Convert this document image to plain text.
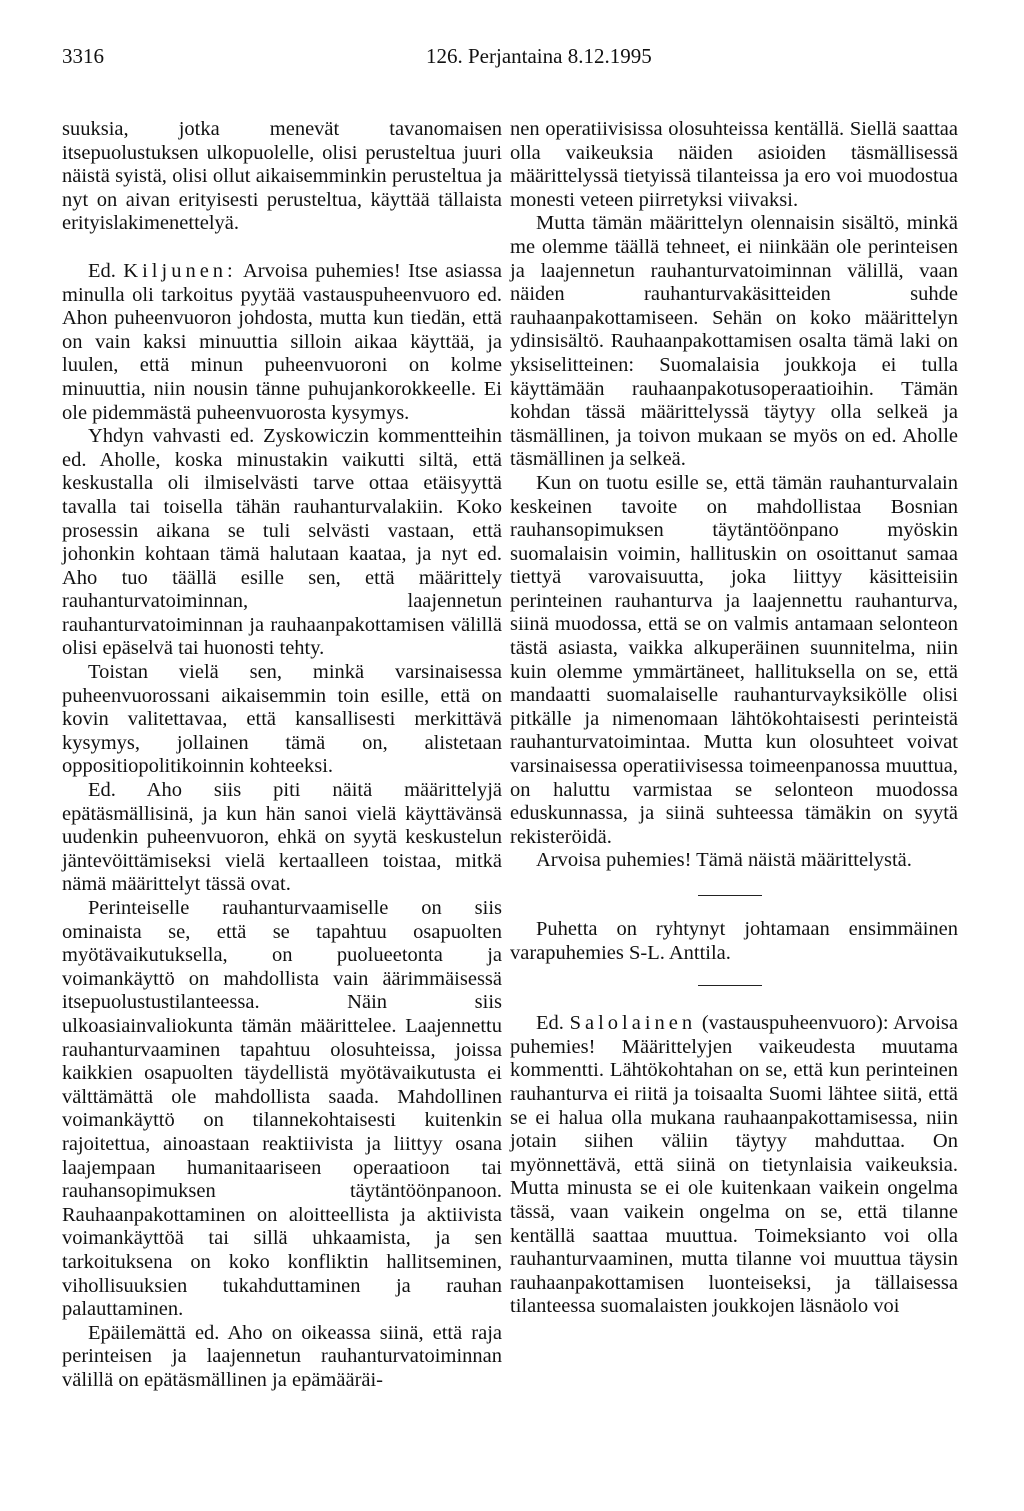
3316	126. Perjantaina 8.12.1995

suuksia, jotka menevät tavanomaisen itsepuolustuksen ulkopuolelle, olisi perusteltua juuri näistä syistä, olisi ollut aikaisemminkin perusteltua ja nyt on aivan erityisesti perusteltua, käyttää tällaista erityislakimenettelyä.

Ed. Kiljunen: Arvoisa puhemies! Itse asiassa minulla oli tarkoitus pyytää vastauspuheenvuoro ed. Ahon puheenvuoron johdosta, mutta kun tiedän, että on vain kaksi minuuttia silloin aikaa käyttää, ja luulen, että minun puheenvuoroni on kolme minuuttia, niin nousin tänne puhujankorokkeelle. Ei ole pidemmästä puheenvuorosta kysymys.

Yhdyn vahvasti ed. Zyskowiczin kommentteihin ed. Aholle, koska minustakin vaikutti siltä, että keskustalla oli ilmiselvästi tarve ottaa etäisyyttä tavalla tai toisella tähän rauhanturvalakiin. Koko prosessin aikana se tuli selvästi vastaan, että johonkin kohtaan tämä halutaan kaataa, ja nyt ed. Aho tuo täällä esille sen, että määrittely rauhanturvatoiminnan, laajennetun rauhanturvatoiminnan ja rauhaanpakottamisen välillä olisi epäselvä tai huonosti tehty.

Toistan vielä sen, minkä varsinaisessa puheenvuorossani aikaisemmin toin esille, että on kovin valitettavaa, että kansallisesti merkittävä kysymys, jollainen tämä on, alistetaan oppositiopolitikoinnin kohteeksi.

Ed. Aho siis piti näitä määrittelyjä epätäsmällisinä, ja kun hän sanoi vielä käyttävänsä uudenkin puheenvuoron, ehkä on syytä keskustelun jäntevöittämiseksi vielä kertaalleen toistaa, mitkä nämä määrittelyt tässä ovat.

Perinteiselle rauhanturvaamiselle on siis ominaista se, että se tapahtuu osapuolten myötävaikutuksella, on puolueetonta ja voimankäyttö on mahdollista vain äärimmäisessä itsepuolustustilanteessa. Näin siis ulkoasiainvaliokunta tämän määrittelee. Laajennettu rauhanturvaaminen tapahtuu olosuhteissa, joissa kaikkien osapuolten täydellistä myötävaikutusta ei välttämättä ole mahdollista saada. Mahdollinen voimankäyttö on tilannekohtaisesti kuitenkin rajoitettua, ainoastaan reaktiivista ja liittyy osana laajempaan humanitaariseen operaatioon tai rauhansopimuksen täytäntöönpanoon. Rauhaanpakottaminen on aloitteellista ja aktiivista voimankäyttöä tai sillä uhkaamista, ja sen tarkoituksena on koko konfliktin hallitseminen, vihollisuuksien tukahduttaminen ja rauhan palauttaminen.

Epäilemättä ed. Aho on oikeassa siinä, että raja perinteisen ja laajennetun rauhanturvatoiminnan välillä on epätäsmällinen ja epämääräi-

nen operatiivisissa olosuhteissa kentällä. Siellä saattaa olla vaikeuksia näiden asioiden täsmällisessä määrittelyssä tietyissä tilanteissa ja ero voi muodostua monesti veteen piirretyksi viivaksi.

Mutta tämän määrittelyn olennaisin sisältö, minkä me olemme täällä tehneet, ei niinkään ole perinteisen ja laajennetun rauhanturvatoiminnan välillä, vaan näiden rauhanturvakäsitteiden suhde rauhaanpakottamiseen. Sehän on koko määrittelyn ydinsisältö. Rauhaanpakottamisen osalta tämä laki on yksiselitteinen: Suomalaisia joukkoja ei tulla käyttämään rauhaanpakotusoperaatioihin. Tämän kohdan tässä määrittelyssä täytyy olla selkeä ja täsmällinen, ja toivon mukaan se myös on ed. Aholle täsmällinen ja selkeä.

Kun on tuotu esille se, että tämän rauhanturvalain keskeinen tavoite on mahdollistaa Bosnian rauhansopimuksen täytäntöönpano myöskin suomalaisin voimin, hallituskin on osoittanut samaa tiettyä varovaisuutta, joka liittyy käsitteisiin perinteinen rauhanturva ja laajennettu rauhanturva, siinä muodossa, että se on valmis antamaan selonteon tästä asiasta, vaikka alkuperäinen suunnitelma, niin kuin olemme ymmärtäneet, hallituksella on se, että mandaatti suomalaiselle rauhanturvayksikölle olisi pitkälle ja nimenomaan lähtökohtaisesti perinteistä rauhanturvatoimintaa. Mutta kun olosuhteet voivat varsinaisessa operatiivisessa toimeenpanossa muuttua, on haluttu varmistaa se selonteon muodossa eduskunnassa, ja siinä suhteessa tämäkin on syytä rekisteröidä.

Arvoisa puhemies! Tämä näistä määrittelystä.

Puhetta on ryhtynyt johtamaan ensimmäinen varapuhemies S-L. Anttila.

Ed. Salolainen (vastauspuheenvuoro): Arvoisa puhemies! Määrittelyjen vaikeudesta muutama kommentti. Lähtökohtahan on se, että kun perinteinen rauhanturva ei riitä ja toisaalta Suomi lähtee siitä, että se ei halua olla mukana rauhaanpakottamisessa, niin jotain siihen väliin täytyy mahduttaa. On myönnettävä, että siinä on tietynlaisia vaikeuksia. Mutta minusta se ei ole kuitenkaan vaikein ongelma tässä, vaan vaikein ongelma on se, että tilanne kentällä saattaa muuttua. Toimeksianto voi olla rauhanturvaaminen, mutta tilanne voi muuttua täysin rauhaanpakottamisen luonteiseksi, ja tällaisessa tilanteessa suomalaisten joukkojen läsnäolo voi
